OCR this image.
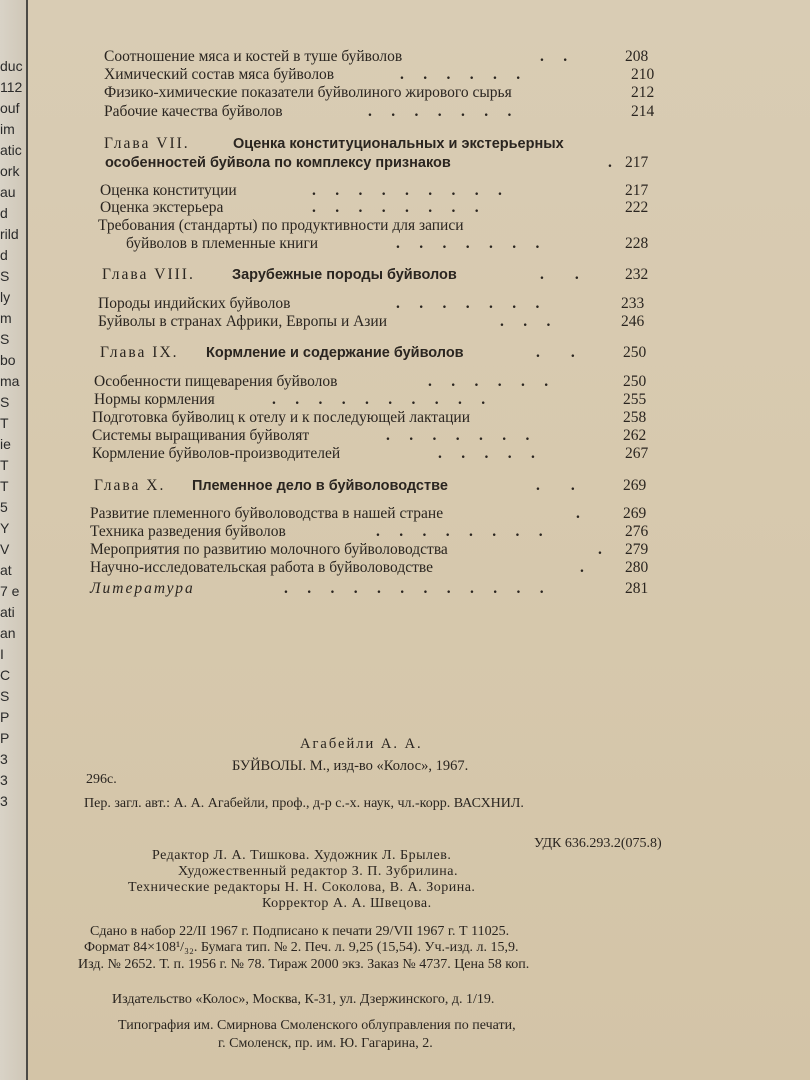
duc
112
ouf
im
atic
ork
au
d
rild
d
S
ly
m
S
bo
ma
S
T
ie
T
T
5
Y
V
at
7 e
ati
an
I
C
S
P
P
3
3
3
Соотношение мяса и костей в туше буйволов	.     .	208
Химический состав мяса буйволов	.     .     .     .     .     .	210
Физико-химические показатели буйволиного жирового сырья	212
Рабочие качества буйволов	.     .     .     .     .     .     .	214
Глава VII.	Оценка конституциональных и экстерьерных
особенностей буйвола по комплексу признаков	. 217
Оценка конституции	.     .     .     .     .     .     .     .     .	217
Оценка экстерьера	.     .     .     .     .     .     .     .	222
Требования (стандарты) по продуктивности для записи
буйволов в племенные книги	.     .     .     .     .     .     .	228
Глава VIII.	Зарубежные породы буйволов	.        .	232
Породы индийских буйволов	.     .     .     .     .     .     .	233
Буйволы в странах Африки, Европы и Азии	.     .     .	246
Глава IX. Кормление и содержание буйволов	.        .	250
Особенности пищеварения буйволов	.     .     .     .     .     .	250
Нормы кормления	.     .     .     .     .     .     .     .     .     .	255
Подготовка буйволиц к отелу и к последующей лактации	258
Системы выращивания буйволят	.     .     .     .     .     .     .	262
Кормление буйволов-производителей	.     .     .     .     .	267
Глава X. Племенное дело в буйволоводстве	.        .	269
Развитие племенного буйволоводства в нашей стране	.	269
Техника разведения буйволов	.     .     .     .     .     .     .     .	276
Мероприятия по развитию молочного буйволоводства	. 279
Научно-исследовательская работа в буйволоводстве	.	280
Литература	.     .     .     .     .     .     .     .     .     .     .     .	281
Агабейли А. А.
БУЙВОЛЫ. М., изд-во «Колос», 1967.
296с.
Пер. загл. авт.: А. А. Агабейли, проф., д-р с.-х. наук, чл.-корр. ВАСХНИЛ.
УДК 636.293.2(075.8)
Редактор Л. А. Тишкова. Художник Л. Брылев.
Художественный редактор З. П. Зубрилина.
Технические редакторы Н. Н. Соколова, В. А. Зорина.
Корректор А. А. Швецова.
Сдано в набор 22/II 1967 г. Подписано к печати 29/VII 1967 г. Т 11025.
Формат 84×108¹/₃₂. Бумага тип. № 2. Печ. л. 9,25 (15,54). Уч.-изд. л. 15,9.
Изд. № 2652. Т. п. 1956 г. № 78. Тираж 2000 экз. Заказ № 4737. Цена 58 коп.
Издательство «Колос», Москва, К-31, ул. Дзержинского, д. 1/19.
Типография им. Смирнова Смоленского облуправления по печати,
г. Смоленск, пр. им. Ю. Гагарина, 2.
